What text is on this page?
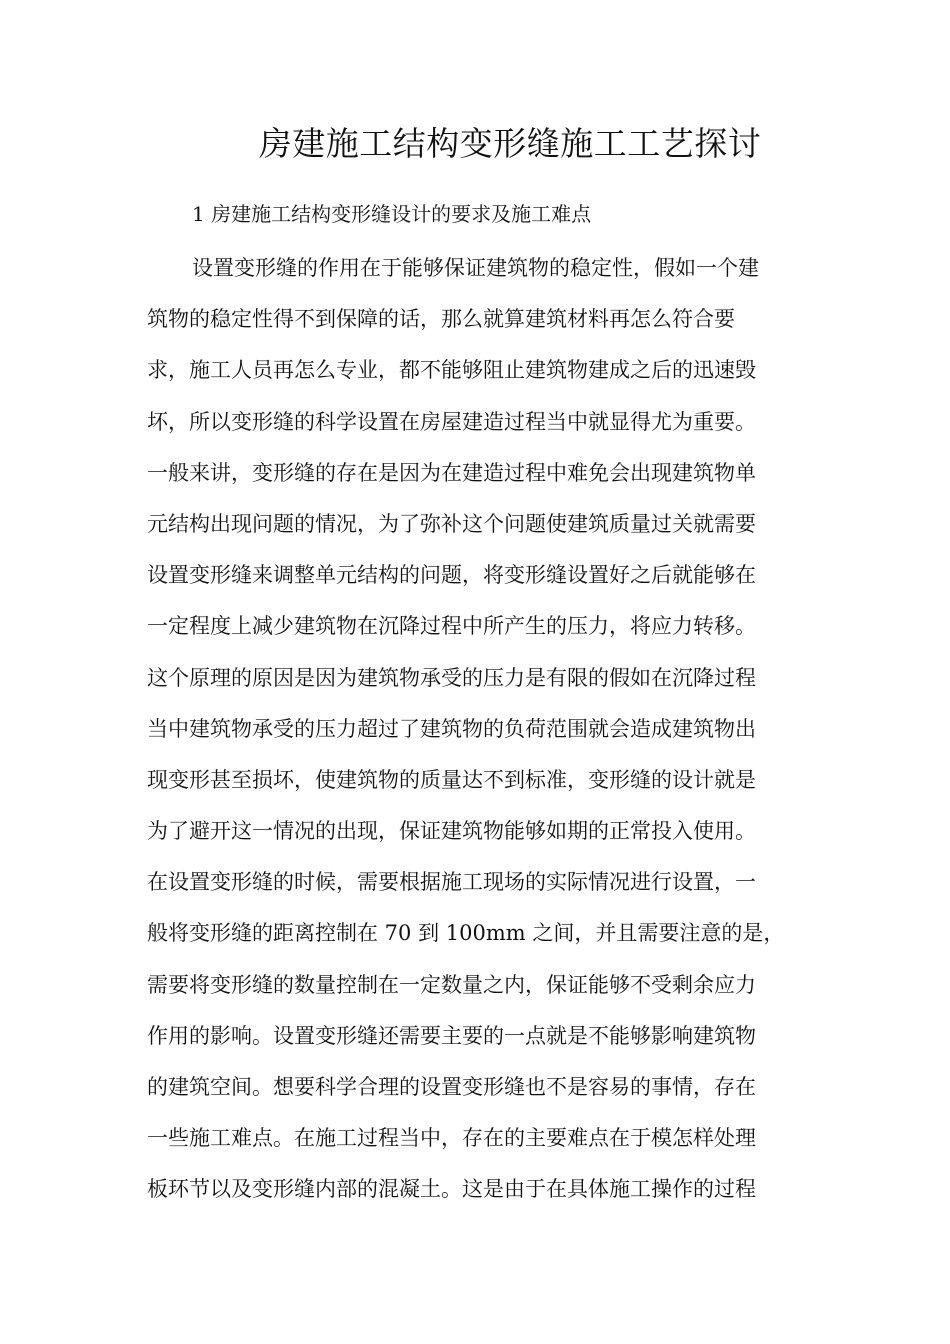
房建施工结构变形缝施工工艺探讨
1 房建施工结构变形缝设计的要求及施工难点
设置变形缝的作用在于能够保证建筑物的稳定性，假如一个建
筑物的稳定性得不到保障的话，那么就算建筑材料再怎么符合要
求，施工人员再怎么专业，都不能够阻止建筑物建成之后的迅速毁
坏，所以变形缝的科学设置在房屋建造过程当中就显得尤为重要。
一般来讲，变形缝的存在是因为在建造过程中难免会出现建筑物单
元结构出现问题的情况，为了弥补这个问题使建筑质量过关就需要
设置变形缝来调整单元结构的问题，将变形缝设置好之后就能够在
一定程度上减少建筑物在沉降过程中所产生的压力，将应力转移。
这个原理的原因是因为建筑物承受的压力是有限的假如在沉降过程
当中建筑物承受的压力超过了建筑物的负荷范围就会造成建筑物出
现变形甚至损坏，使建筑物的质量达不到标准，变形缝的设计就是
为了避开这一情况的出现，保证建筑物能够如期的正常投入使用。
在设置变形缝的时候，需要根据施工现场的实际情况进行设置，一
般将变形缝的距离控制在 70 到 100mm 之间，并且需要注意的是，
需要将变形缝的数量控制在一定数量之内，保证能够不受剩余应力
作用的影响。设置变形缝还需要主要的一点就是不能够影响建筑物
的建筑空间。想要科学合理的设置变形缝也不是容易的事情，存在
一些施工难点。在施工过程当中，存在的主要难点在于模怎样处理
板环节以及变形缝内部的混凝土。这是由于在具体施工操作的过程
